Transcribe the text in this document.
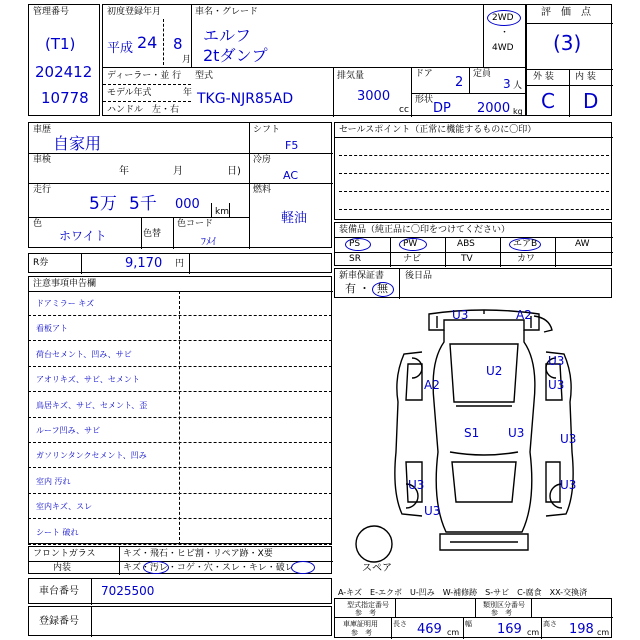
管理番号
(T1)
202412
10778
初度登録年月
平成 24 8
月
車名・グレード
エルフ
2tダンプ
2WD
・
4WD
ディーラー・並 行
モデル年式	年
ハンドル　左・右
型式
TKG-NJR85AD
排気量
3000
cc
ドア
2
定員
3 人
形状
DP 2000 kg
評　価　点
(3)
外 装 内 装
C D
車歴
自家用
シフト
F5
車検
年	月	日)
冷房
AC
走行
5万 5千 000 km
燃料
軽油
色
ホワイト	色替
色コード
ﾌﾒｲ
R券	9,170 円
セールスポイント（正常に機能するものに〇印）
装備品（純正品に〇印をつけてください）
PS	PW	ABS	エアB	AW
SR	ナビ	TV	カワ
新車保証書 後日品
有 ・ 無
注意事項申告欄
ドアミラー キズ
看板アト
荷台セメント、凹み、サビ
アオリキズ、サビ、セメント
鳥居キズ、サビ、セメント、歪
ルーフ凹み、サビ
ガソリンタンクセメント、凹み
室内 汚れ
室内キズ、スレ
シート 破れ
フロントガラス	キズ・飛石・ヒビ割・リペア跡・X要
内装	キズ・汚レ・コゲ・穴・スレ・キレ・破レ
車台番号 7025500
登録番号
U3	A2
U3
U2
A2	U3
S1 U3	U3
U3
U3
U3
スペア
A-キズ　E-エクボ　U-凹み　W-補修跡　S-サビ　C-腐食　XX-交換済
型式指定番号
参　考
類別区分番号
参　考
車庫証明用
参　考
長さ 469 cm
幅 169 cm
高さ 198 cm
